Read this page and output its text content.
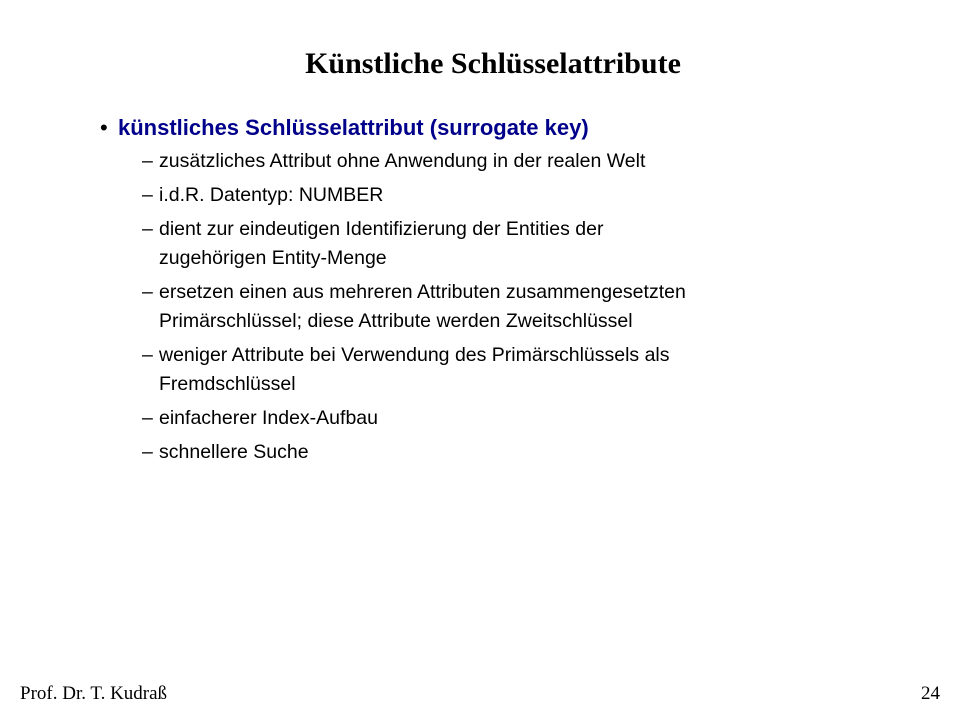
Künstliche Schlüsselattribute
• künstliches Schlüsselattribut (surrogate key)
– zusätzliches Attribut ohne Anwendung in der realen Welt
– i.d.R. Datentyp: NUMBER
– dient zur eindeutigen Identifizierung der Entities der
zugehörigen Entity-Menge
– ersetzen einen aus mehreren Attributen zusammengesetzten
Primärschlüssel; diese Attribute werden Zweitschlüssel
– weniger Attribute bei Verwendung des Primärschlüssels als
Fremdschlüssel
– einfacherer Index-Aufbau
– schnellere Suche
Prof. Dr. T. Kudraß	24
